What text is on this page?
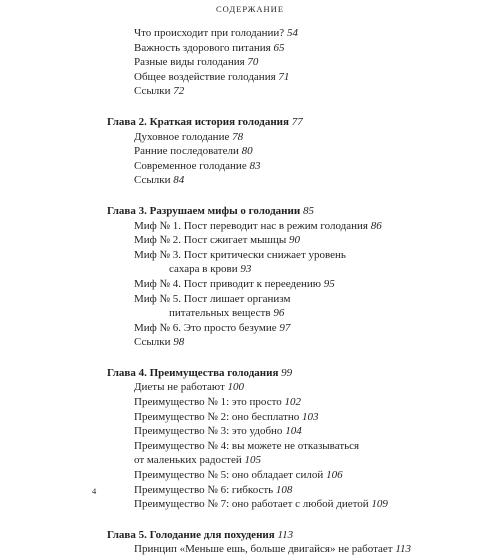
СОДЕРЖАНИЕ
Что происходит при голодании? 54
Важность здорового питания 65
Разные виды голодания 70
Общее воздействие голодания 71
Ссылки 72
Глава 2. Краткая история голодания 77
Духовное голодание 78
Ранние последователи 80
Современное голодание 83
Ссылки 84
Глава 3. Разрушаем мифы о голодании 85
Миф № 1. Пост переводит нас в режим голодания 86
Миф № 2. Пост сжигает мышцы 90
Миф № 3. Пост критически снижает уровень
сахара в крови 93
Миф № 4. Пост приводит к переедению 95
Миф № 5. Пост лишает организм
питательных веществ 96
Миф № 6. Это просто безумие 97
Ссылки 98
Глава 4. Преимущества голодания 99
Диеты не работают 100
Преимущество № 1: это просто 102
Преимущество № 2: оно бесплатно 103
Преимущество № 3: это удобно 104
Преимущество № 4: вы можете не отказываться
от маленьких радостей 105
Преимущество № 5: оно обладает силой 106
Преимущество № 6: гибкость 108
Преимущество № 7: оно работает с любой диетой 109
Глава 5. Голодание для похудения 113
Принцип «Меньше ешь, больше двигайся» не работает 113
4
